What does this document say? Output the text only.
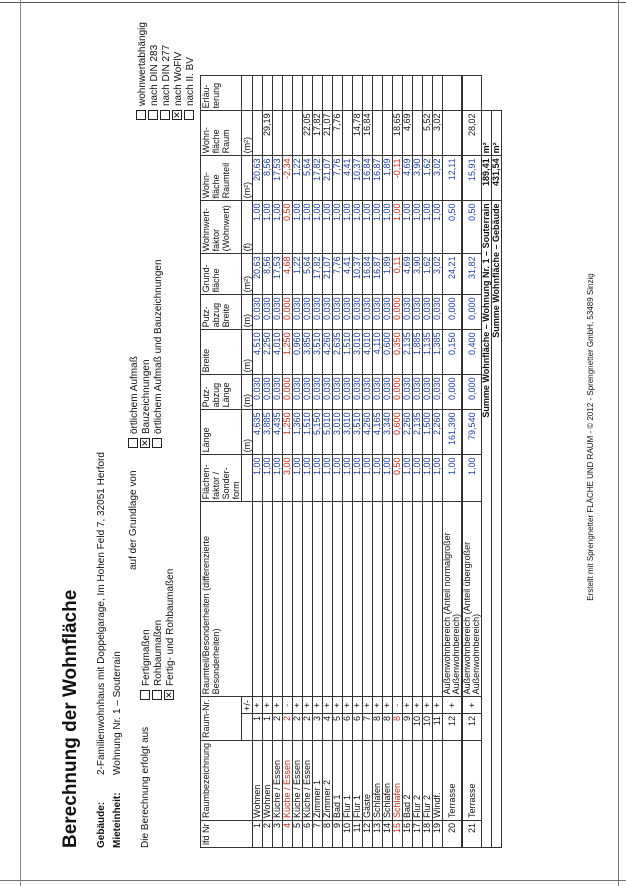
Berechnung der Wohnfläche Gebäude:
2-Familienwohnhaus mit Doppelgarage, Im Hohen Feld 7, 32051 Herford
Mieteinheit:
Wohnung Nr. 1 – Souterrain
Die Berechnung erfolgt aus
Fertigmaßen Rohbaumaßen
✕ Fertig- und Rohbaumaßen
auf der Grundlage von
örtlichem Aufmaß
✕ Bauzeichnungen örtlichem Aufmaß und Bauzeichnungen
wohnwertabhängig nach DIN 283 nach DIN 277
✕ nach WoFlV nach II. BV
lfd Nr	Raumbezeichnung	Raum-Nr.		Raumteil/Besonderheiten (differenzierte Besonderheiten)	Flächen-faktor / Sonder-form	Länge	Putz-abzug Länge	Breite	Putz-abzug Breite	Grund-fläche	Wohnwert-faktor (Wohnwert)	Wohn-fläche Raumteil	Wohn-fläche Raum	Erläu-terung
			+/-			(m)	(m)	(m)	(m)	(m²)	(f)	(m²)	(m²)	
1	Wohnen	1	+		1,00	4,635	0,030	4,510	0,030	20,63	1,00	20,63		
2	Wohnen	1	+		1,00	3,885	0,030	2,250	0,030	8,56	1,00	8,56	29,19	
3	Küche / Essen	2	+		1,00	4,435	0,030	4,010	0,030	17,53	1,00	17,53		
4	Küche / Essen	2	-		3,00	1,250	0,000	1,250	0,000	4,68	0,50	-2,34		
5	Küche / Essen	2	+		1,00	1,360	0,030	0,960	0,030	1,22	1,00	1,22		
6	Küche / Essen	2	+		1,00	1,510	0,030	3,850	0,030	5,64	1,00	5,64	22,05	
7	Zimmer 1	3	+		1,00	5,150	0,030	3,510	0,030	17,82	1,00	17,82	17,82	
8	Zimmer 2	4	+		1,00	5,010	0,030	4,260	0,030	21,07	1,00	21,07	21,07	
9	Bad 1	5	+		1,00	3,010	0,030	2,635	0,030	7,76	1,00	7,76	7,76	
10	Flur 1	6	+		1,00	3,010	0,030	1,510	0,030	4,41	1,00	4,41		
11	Flur 1	6	+		1,00	3,510	0,030	3,010	0,030	10,37	1,00	10,37	14,78	
12	Gäste	7	+		1,00	4,260	0,030	4,010	0,030	16,84	1,00	16,84	16,84	
13	Schlafen	8	+		1,00	4,165	0,030	4,110	0,030	16,87	1,00	16,87		
14	Schlafen	8	+		1,00	3,340	0,030	0,600	0,030	1,89	1,00	1,89		
15	Schlafen	8	-		0,50	0,600	0,000	0,350	0,000	0,11	1,00	-0,11	18,65	
16	Bad 2	9	+		1,00	2,260	0,030	2,135	0,030	4,69	1,00	4,69	4,69	
17	Flur 2	10	+		1,00	2,135	0,030	1,885	0,030	3,90	1,00	3,90		
18	Flur 2	10	+		1,00	1,500	0,030	1,135	0,030	1,62	1,00	1,62	5,52	
19	Windf.	11	+		1,00	2,260	0,030	1,385	0,030	3,02	1,00	3,02	3,02	
20	Terrasse	12	+	Außenwohnbereich (Anteil normalgroßer Außenwohnbereich)	1,00	161,390	0,000	0,150	0,000	24,21	0,50	12,11		
21	Terrasse	12	+	Außenwohnbereich (Anteil übergroßer Außenwohnbereich)	1,00	79,540	0,000	0,400	0,000	31,82	0,50	15,91	28,02	
Summe Wohnfläche – Wohnung Nr. 1 – Souterrain												189,41	m²	
Summe Wohnfläche – Gebäude												431,54	m²	
Erstellt mit Sprengnetter FLÄCHE UND RAUM - © 2012 - Sprengnetter GmbH, 53489 Sinzig
